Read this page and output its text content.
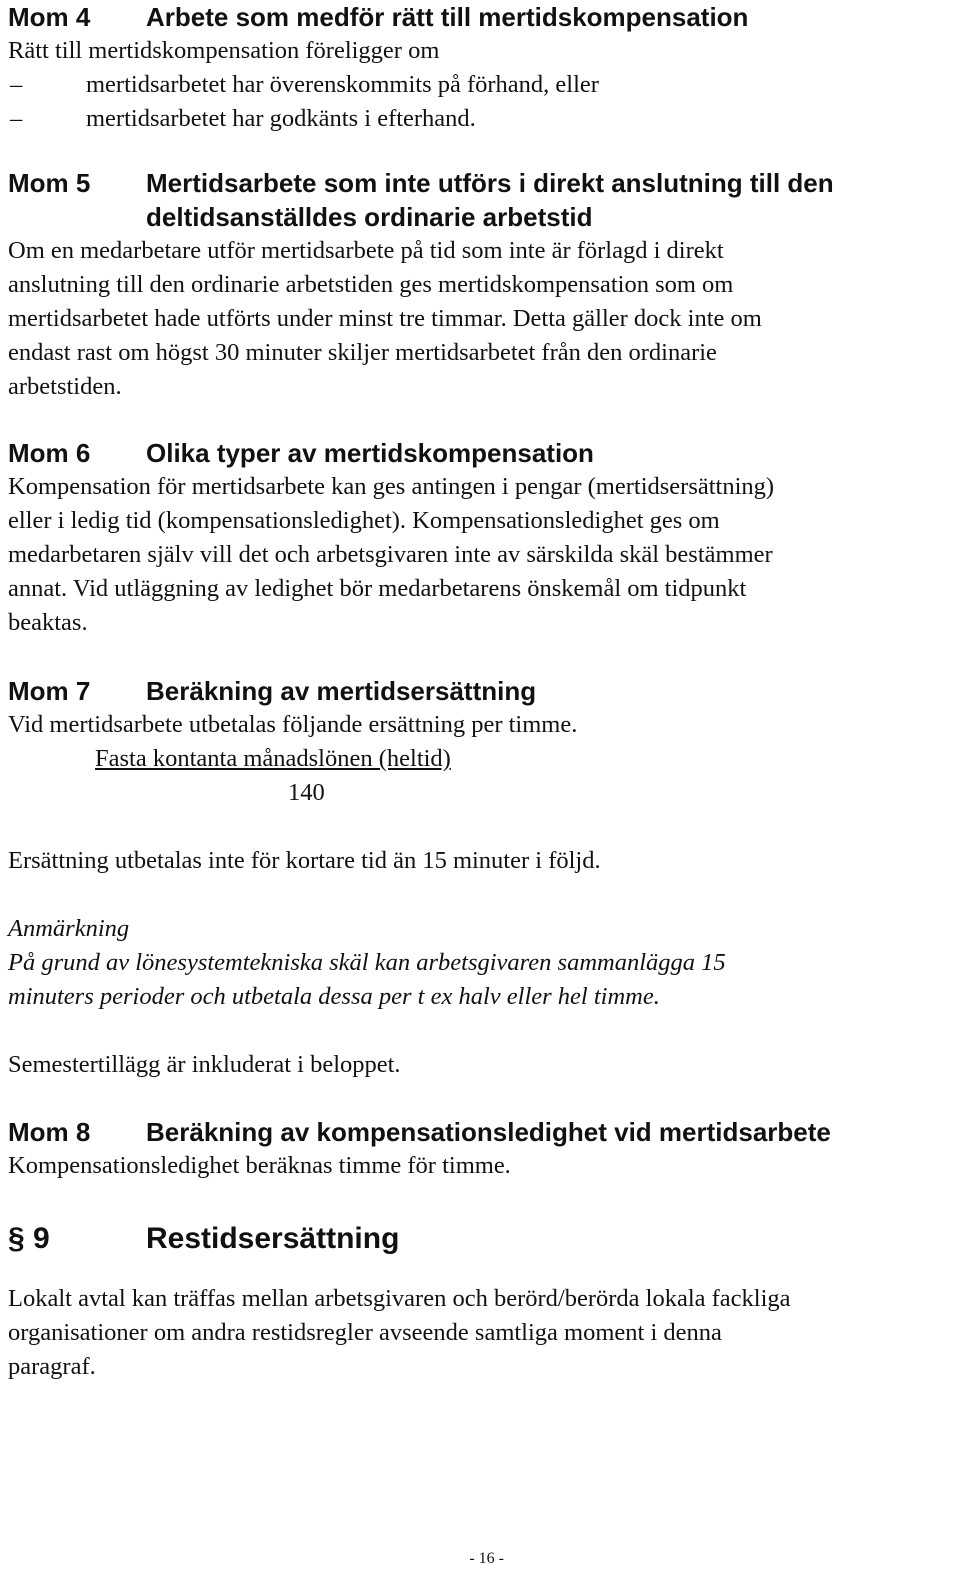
Mom 4	Arbete som medför rätt till mertidskompensation

Rätt till mertidskompensation föreligger om

–	mertidsarbetet har överenskommits på förhand, eller
–	mertidsarbetet har godkänts i efterhand.
Mom 5	Mertidsarbete som inte utförs i direkt anslutning till den
deltidsanställdes ordinarie arbetstid

Om en medarbetare utför mertidsarbete på tid som inte är förlagd i direkt

anslutning till den ordinarie arbetstiden ges mertidskompensation som om

mertidsarbetet hade utförts under minst tre timmar. Detta gäller dock inte om

endast rast om högst 30 minuter skiljer mertidsarbetet från den ordinarie

arbetstiden.

Mom 6	Olika typer av mertidskompensation

Kompensation för mertidsarbete kan ges antingen i pengar (mertidsersättning)

eller i ledig tid (kompensationsledighet). Kompensationsledighet ges om

medarbetaren själv vill det och arbetsgivaren inte av särskilda skäl bestämmer

annat. Vid utläggning av ledighet bör medarbetarens önskemål om tidpunkt

beaktas.

Mom 7	Beräkning av mertidsersättning

Vid mertidsarbete utbetalas följande ersättning per timme.

Fasta kontanta månadslönen (heltid)
140

Ersättning utbetalas inte för kortare tid än 15 minuter i följd.

Anmärkning

På grund av lönesystemtekniska skäl kan arbetsgivaren sammanlägga 15

minuters perioder och utbetala dessa per t ex halv eller hel timme.

Semestertillägg är inkluderat i beloppet.

Mom 8	Beräkning av kompensationsledighet vid mertidsarbete

Kompensationsledighet beräknas timme för timme.

§ 9	Restidsersättning

Lokalt avtal kan träffas mellan arbetsgivaren och berörd/berörda lokala fackliga

organisationer om andra restidsregler avseende samtliga moment i denna

paragraf.

- 16 -
